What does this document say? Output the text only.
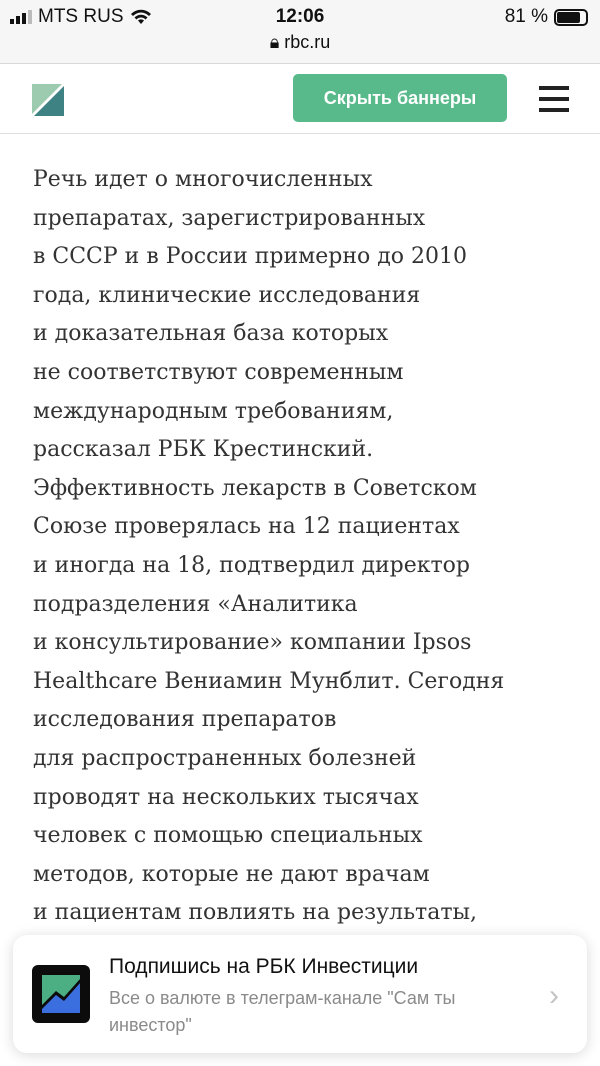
MTS RUS	12:06
🔒︎ rbc.ru
81 %
Скрыть баннеры
Речь идет о многочисленных
препаратах, зарегистрированных
в СССР и в России примерно до 2010
года, клинические исследования
и доказательная база которых
не соответствуют современным
международным требованиям,
рассказал РБК Крестинский.
Эффективность лекарств в Советском
Союзе проверялась на 12 пациентах
и иногда на 18, подтвердил директор
подразделения «Аналитика
и консультирование» компании Ipsos
Healthcare Вениамин Мунблит. Сегодня
исследования препаратов
для распространенных болезней
проводят на нескольких тысячах
человек с помощью специальных
методов, которые не дают врачам
и пациентам повлиять на результаты,
Подпишись на РБК Инвестиции
Все о валюте в телеграм-канале "Сам ты инвестор"
›
